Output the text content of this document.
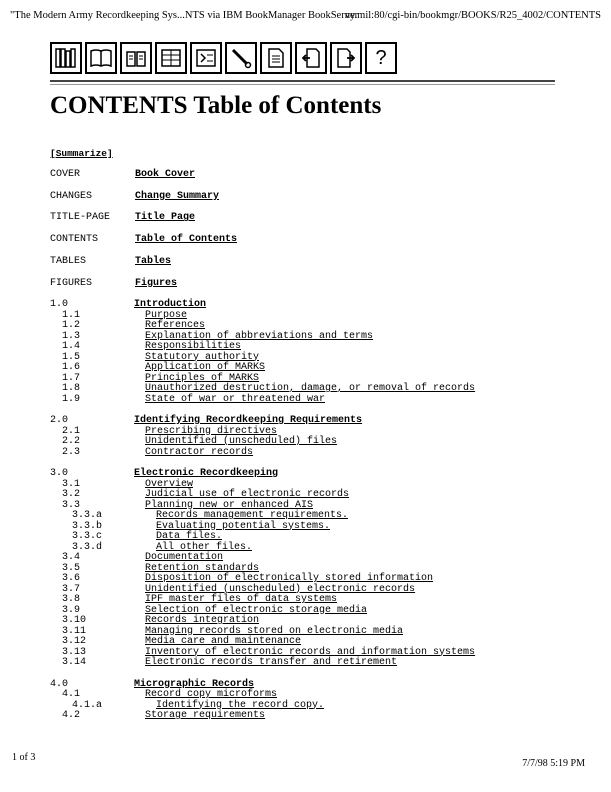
"The Modern Army Recordkeeping Sys...NTS via IBM BookManager BookServer
ny.mil:80/cgi-bin/bookmgr/BOOKS/R25_4002/CONTENTS
?
CONTENTS Table of Contents
[Summarize]
COVER	Book Cover
CHANGES	Change Summary
TITLE-PAGE Title Page
CONTENTS	Table of Contents
TABLES	Tables
FIGURES	Figures
1.0	Introduction
1.1	Purpose
1.2	References
1.3	Explanation of abbreviations and terms
1.4	Responsibilities
1.5	Statutory authority
1.6	Application of MARKS
1.7	Principles of MARKS
1.8	Unauthorized destruction, damage, or removal of records
1.9	State of war or threatened war
2.0	Identifying Recordkeeping Requirements
2.1	Prescribing directives
2.2	Unidentified (unscheduled) files
2.3	Contractor records
3.0	Electronic Recordkeeping
3.1	Overview
3.2	Judicial use of electronic records
3.3	Planning new or enhanced AIS
3.3.a	Records management requirements.
3.3.b	Evaluating potential systems.
3.3.c	Data files.
3.3.d	All other files.
3.4	Documentation
3.5	Retention standards
3.6	Disposition of electronically stored information
3.7	Unidentified (unscheduled) electronic records
3.8	IPF master files of data systems
3.9	Selection of electronic storage media
3.10	Records integration
3.11	Managing records stored on electronic media
3.12	Media care and maintenance
3.13	Inventory of electronic records and information systems
3.14	Electronic records transfer and retirement
4.0	Micrographic Records
4.1	Record copy microforms
4.1.a	Identifying the record copy.
4.2	Storage requirements
1 of 3
7/7/98 5:19 PM
